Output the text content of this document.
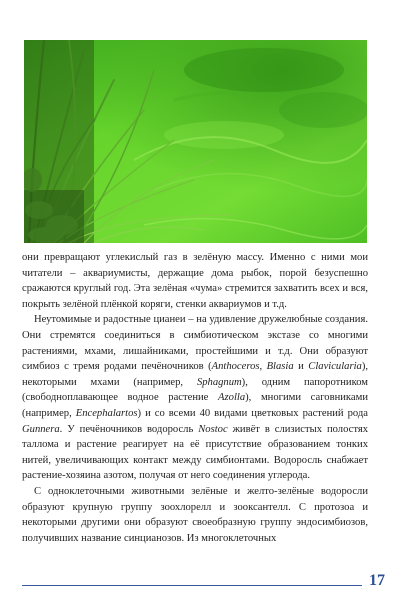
они превращают углекислый газ в зелёную массу. Именно с ними мои читатели – аквариумисты, держащие дома рыбок, порой безуспешно сражаются круглый год. Эта зелёная «чума» стремится захватить всех и вся, покрыть зелёной плёнкой коряги, стенки аквариумов и т.д.

Неутомимые и радостные цианеи – на удивление дружелюбные создания. Они стремятся соединиться в симбиотическом экстазе со многими растениями, мхами, лишайниками, простейшими и т.д. Они образуют симбиоз с тремя родами печёночников (Anthoceros, Blasia и Clavicularia), некоторыми мхами (например, Sphagnum), одним папоротником (свободноплавающее водное растение Azolla), многими саговниками (например, Encephalartos) и со всеми 40 видами цветковых растений рода Gunnera. У печёночников водоросль Nostoc живёт в слизистых полостях таллома и растение реагирует на её присутствие образованием тонких нитей, увеличивающих контакт между симбионтами. Водоросль снабжает растение-хозяина азотом, получая от него соединения углерода.

С одноклеточными животными зелёные и желто-зелёные водоросли образуют крупную группу зоохлорелл и зооксантелл. С протозоа и некоторыми другими они образуют своеобразную группу эндосимбиозов, получивших название синцианозов. Из многоклеточных

17
